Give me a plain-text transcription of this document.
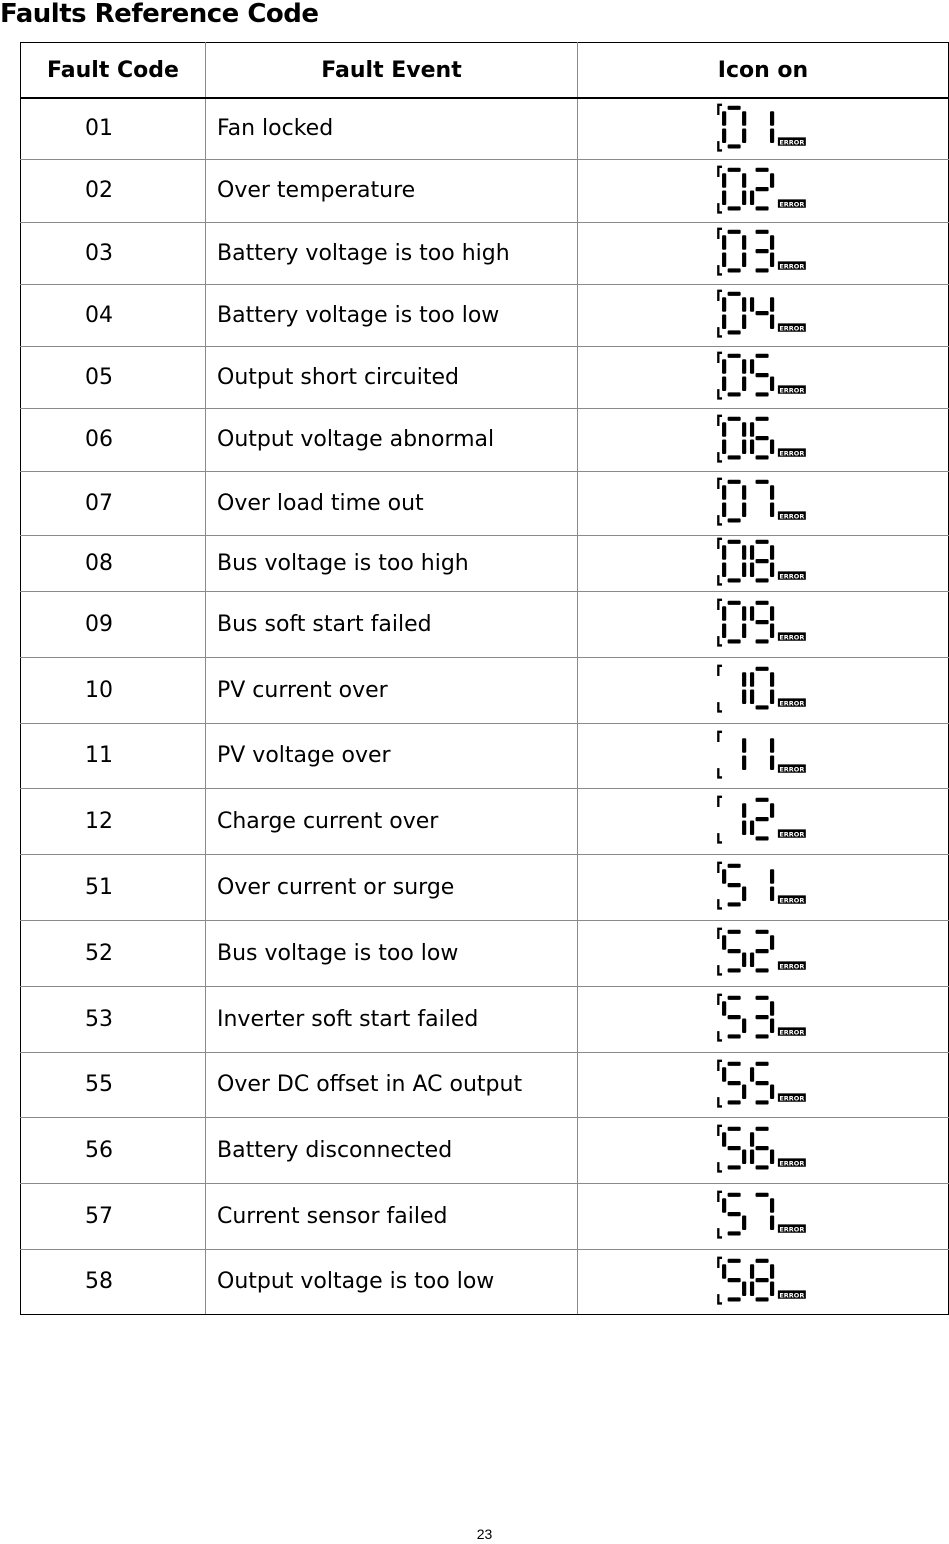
Faults Reference Code
Fault Code	Fault Event	Icon on
01	Fan locked	ERROR

02	Over temperature	ERROR

03	Battery voltage is too high	ERROR

04	Battery voltage is too low	ERROR

05	Output short circuited	ERROR

06	Output voltage abnormal	ERROR

07	Over load time out	ERROR

08	Bus voltage is too high	ERROR

09	Bus soft start failed	ERROR

10	PV current over	ERROR

11	PV voltage over	ERROR

12	Charge current over	ERROR

51	Over current or surge	ERROR

52	Bus voltage is too low	ERROR

53	Inverter soft start failed	ERROR

55	Over DC offset in AC output	ERROR

56	Battery disconnected	ERROR

57	Current sensor failed	ERROR

58	Output voltage is too low	ERROR
23
